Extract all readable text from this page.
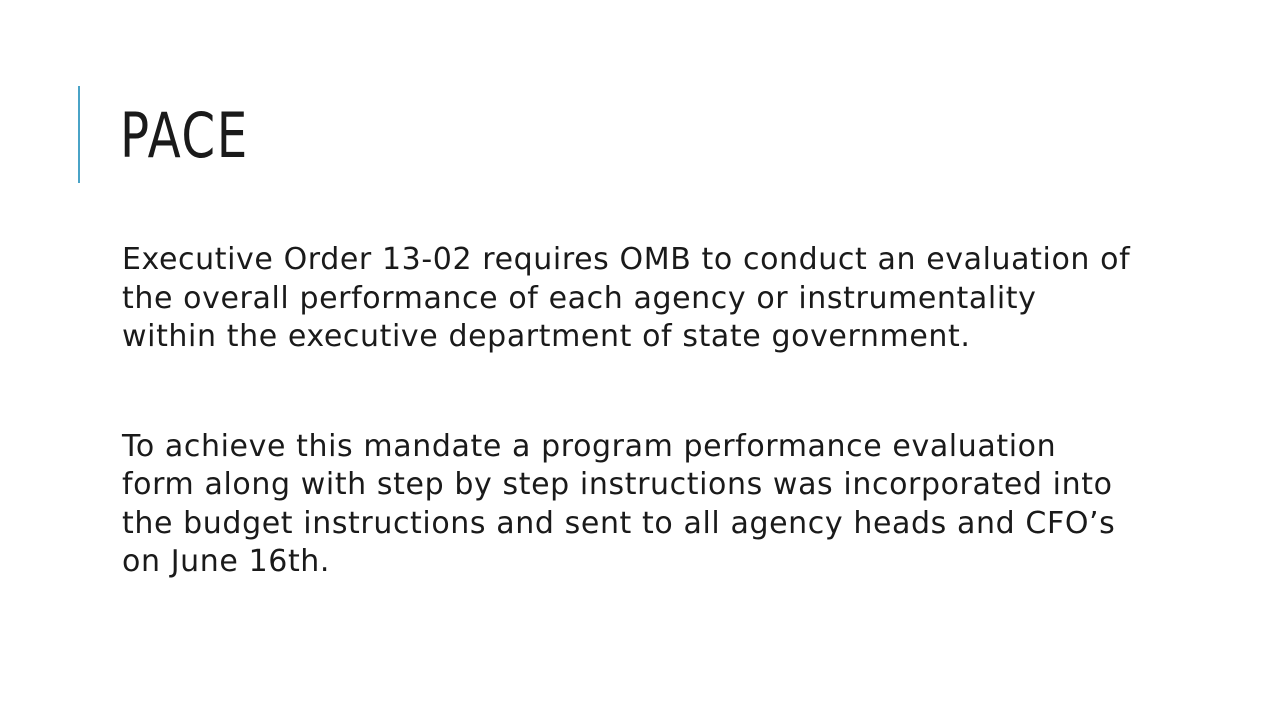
PACE

Executive Order 13-02 requires OMB to conduct an evaluation of the overall performance of each agency or instrumentality within the executive department of state government.

To achieve this mandate a program performance evaluation form along with step by step instructions was incorporated into the budget instructions and sent to all agency heads and CFO’s on June 16th.
